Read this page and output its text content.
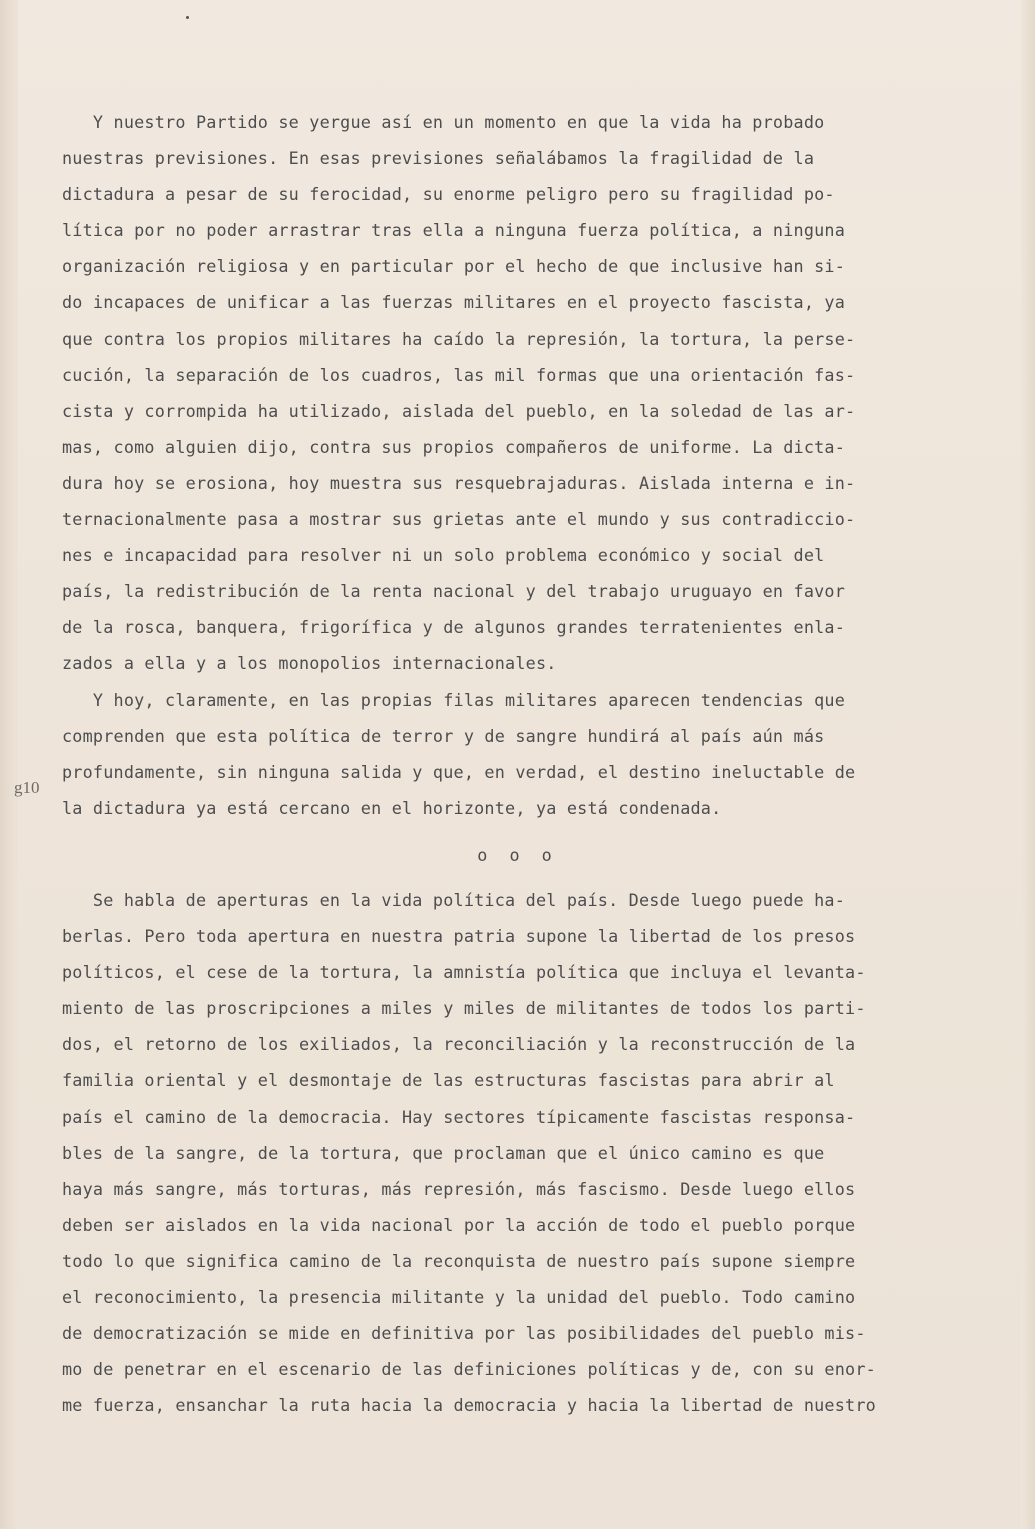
g10
Y nuestro Partido se yergue así en un momento en que la vida ha probado
nuestras previsiones. En esas previsiones señalábamos la fragilidad de la
dictadura a pesar de su ferocidad, su enorme peligro pero su fragilidad po-
lítica por no poder arrastrar tras ella a ninguna fuerza política, a ninguna
organización religiosa y en particular por el hecho de que inclusive han si-
do incapaces de unificar a las fuerzas militares en el proyecto fascista, ya
que contra los propios militares ha caído la represión, la tortura, la perse-
cución, la separación de los cuadros, las mil formas que una orientación fas-
cista y corrompida ha utilizado, aislada del pueblo, en la soledad de las ar-
mas, como alguien dijo, contra sus propios compañeros de uniforme. La dicta-
dura hoy se erosiona, hoy muestra sus resquebrajaduras. Aislada interna e in-
ternacionalmente pasa a mostrar sus grietas ante el mundo y sus contradiccio-
nes e incapacidad para resolver ni un solo problema económico y social del
país, la redistribución de la renta nacional y del trabajo uruguayo en favor
de la rosca, banquera, frigorífica y de algunos grandes terratenientes enla-
zados a ella y a los monopolios internacionales.
Y hoy, claramente, en las propias filas militares aparecen tendencias que
comprenden que esta política de terror y de sangre hundirá al país aún más
profundamente, sin ninguna salida y que, en verdad, el destino ineluctable de
la dictadura ya está cercano en el horizonte, ya está condenada.
o o o
Se habla de aperturas en la vida política del país. Desde luego puede ha-
berlas. Pero toda apertura en nuestra patria supone la libertad de los presos
políticos, el cese de la tortura, la amnistía política que incluya el levanta-
miento de las proscripciones a miles y miles de militantes de todos los parti-
dos, el retorno de los exiliados, la reconciliación y la reconstrucción de la
familia oriental y el desmontaje de las estructuras fascistas para abrir al
país el camino de la democracia. Hay sectores típicamente fascistas responsa-
bles de la sangre, de la tortura, que proclaman que el único camino es que
haya más sangre, más torturas, más represión, más fascismo. Desde luego ellos
deben ser aislados en la vida nacional por la acción de todo el pueblo porque
todo lo que significa camino de la reconquista de nuestro país supone siempre
el reconocimiento, la presencia militante y la unidad del pueblo. Todo camino
de democratización se mide en definitiva por las posibilidades del pueblo mis-
mo de penetrar en el escenario de las definiciones políticas y de, con su enor-
me fuerza, ensanchar la ruta hacia la democracia y hacia la libertad de nuestro
